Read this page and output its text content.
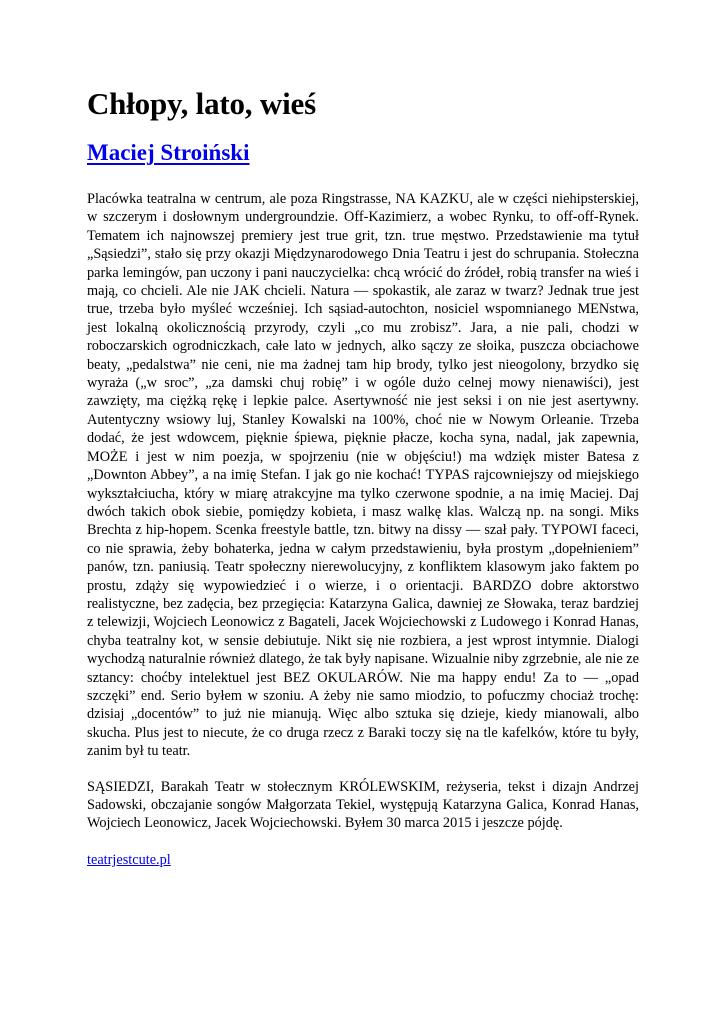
Chłopy, lato, wieś
Maciej Stroiński

Placówka teatralna w centrum, ale poza Ringstrasse, NA KAZKU, ale w części niehipsterskiej, w szczerym i dosłownym undergroundzie. Off-Kazimierz, a wobec Rynku, to off-off-Rynek. Tematem ich najnowszej premiery jest true grit, tzn. true męstwo. Przedstawienie ma tytuł „Sąsiedzi”, stało się przy okazji Międzynarodowego Dnia Teatru i jest do schrupania. Stołeczna parka lemingów, pan uczony i pani nauczycielka: chcą wrócić do źródeł, robią transfer na wieś i mają, co chcieli. Ale nie JAK chcieli. Natura — spokastik, ale zaraz w twarz? Jednak true jest true, trzeba było myśleć wcześniej. Ich sąsiad-autochton, nosiciel wspomnianego MENstwa, jest lokalną okolicznością przyrody, czyli „co mu zrobisz”. Jara, a nie pali, chodzi w roboczarskich ogrodniczkach, całe lato w jednych, alko sączy ze słoika, puszcza obciachowe beaty, „pedalstwa” nie ceni, nie ma żadnej tam hip brody, tylko jest nieogolony, brzydko się wyraża („w sroc”, „za damski chuj robię” i w ogóle dużo celnej mowy nienawiści), jest zawzięty, ma ciężką rękę i lepkie palce. Asertywność nie jest seksi i on nie jest asertywny. Autentyczny wsiowy luj, Stanley Kowalski na 100%, choć nie w Nowym Orleanie. Trzeba dodać, że jest wdowcem, pięknie śpiewa, pięknie płacze, kocha syna, nadal, jak zapewnia, MOŻE i jest w nim poezja, w spojrzeniu (nie w objęściu!) ma wdzięk mister Batesa z „Downton Abbey”, a na imię Stefan. I jak go nie kochać! TYPAS rajcowniejszy od miejskiego wykształciucha, który w miarę atrakcyjne ma tylko czerwone spodnie, a na imię Maciej. Daj dwóch takich obok siebie, pomiędzy kobieta, i masz walkę klas. Walczą np. na songi. Miks Brechta z hip-hopem. Scenka freestyle battle, tzn. bitwy na dissy — szał pały. TYPOWI faceci, co nie sprawia, żeby bohaterka, jedna w całym przedstawieniu, była prostym „dopełnieniem” panów, tzn. paniusią. Teatr społeczny nierewolucyjny, z konfliktem klasowym jako faktem po prostu, zdąży się wypowiedzieć i o wierze, i o orientacji. BARDZO dobre aktorstwo realistyczne, bez zadęcia, bez przegięcia: Katarzyna Galica, dawniej ze Słowaka, teraz bardziej z telewizji, Wojciech Leonowicz z Bagateli, Jacek Wojciechowski z Ludowego i Konrad Hanas, chyba teatralny kot, w sensie debiutuje. Nikt się nie rozbiera, a jest wprost intymnie. Dialogi wychodzą naturalnie również dlatego, że tak były napisane. Wizualnie niby zgrzebnie, ale nie ze sztancy: choćby intelektuel jest BEZ OKULARÓW. Nie ma happy endu! Za to — „opad szczęki” end. Serio byłem w szoniu. A żeby nie samo miodzio, to pofuczmy chociaż trochę: dzisiaj „docentów” to już nie mianują. Więc albo sztuka się dzieje, kiedy mianowali, albo skucha. Plus jest to niecute, że co druga rzecz z Baraki toczy się na tle kafelków, które tu były, zanim był tu teatr.

SĄSIEDZI, Barakah Teatr w stołecznym KRÓLEWSKIM, reżyseria, tekst i dizajn Andrzej Sadowski, obczajanie songów Małgorzata Tekiel, występują Katarzyna Galica, Konrad Hanas, Wojciech Leonowicz, Jacek Wojciechowski. Byłem 30 marca 2015 i jeszcze pójdę.

teatrjestcute.pl
